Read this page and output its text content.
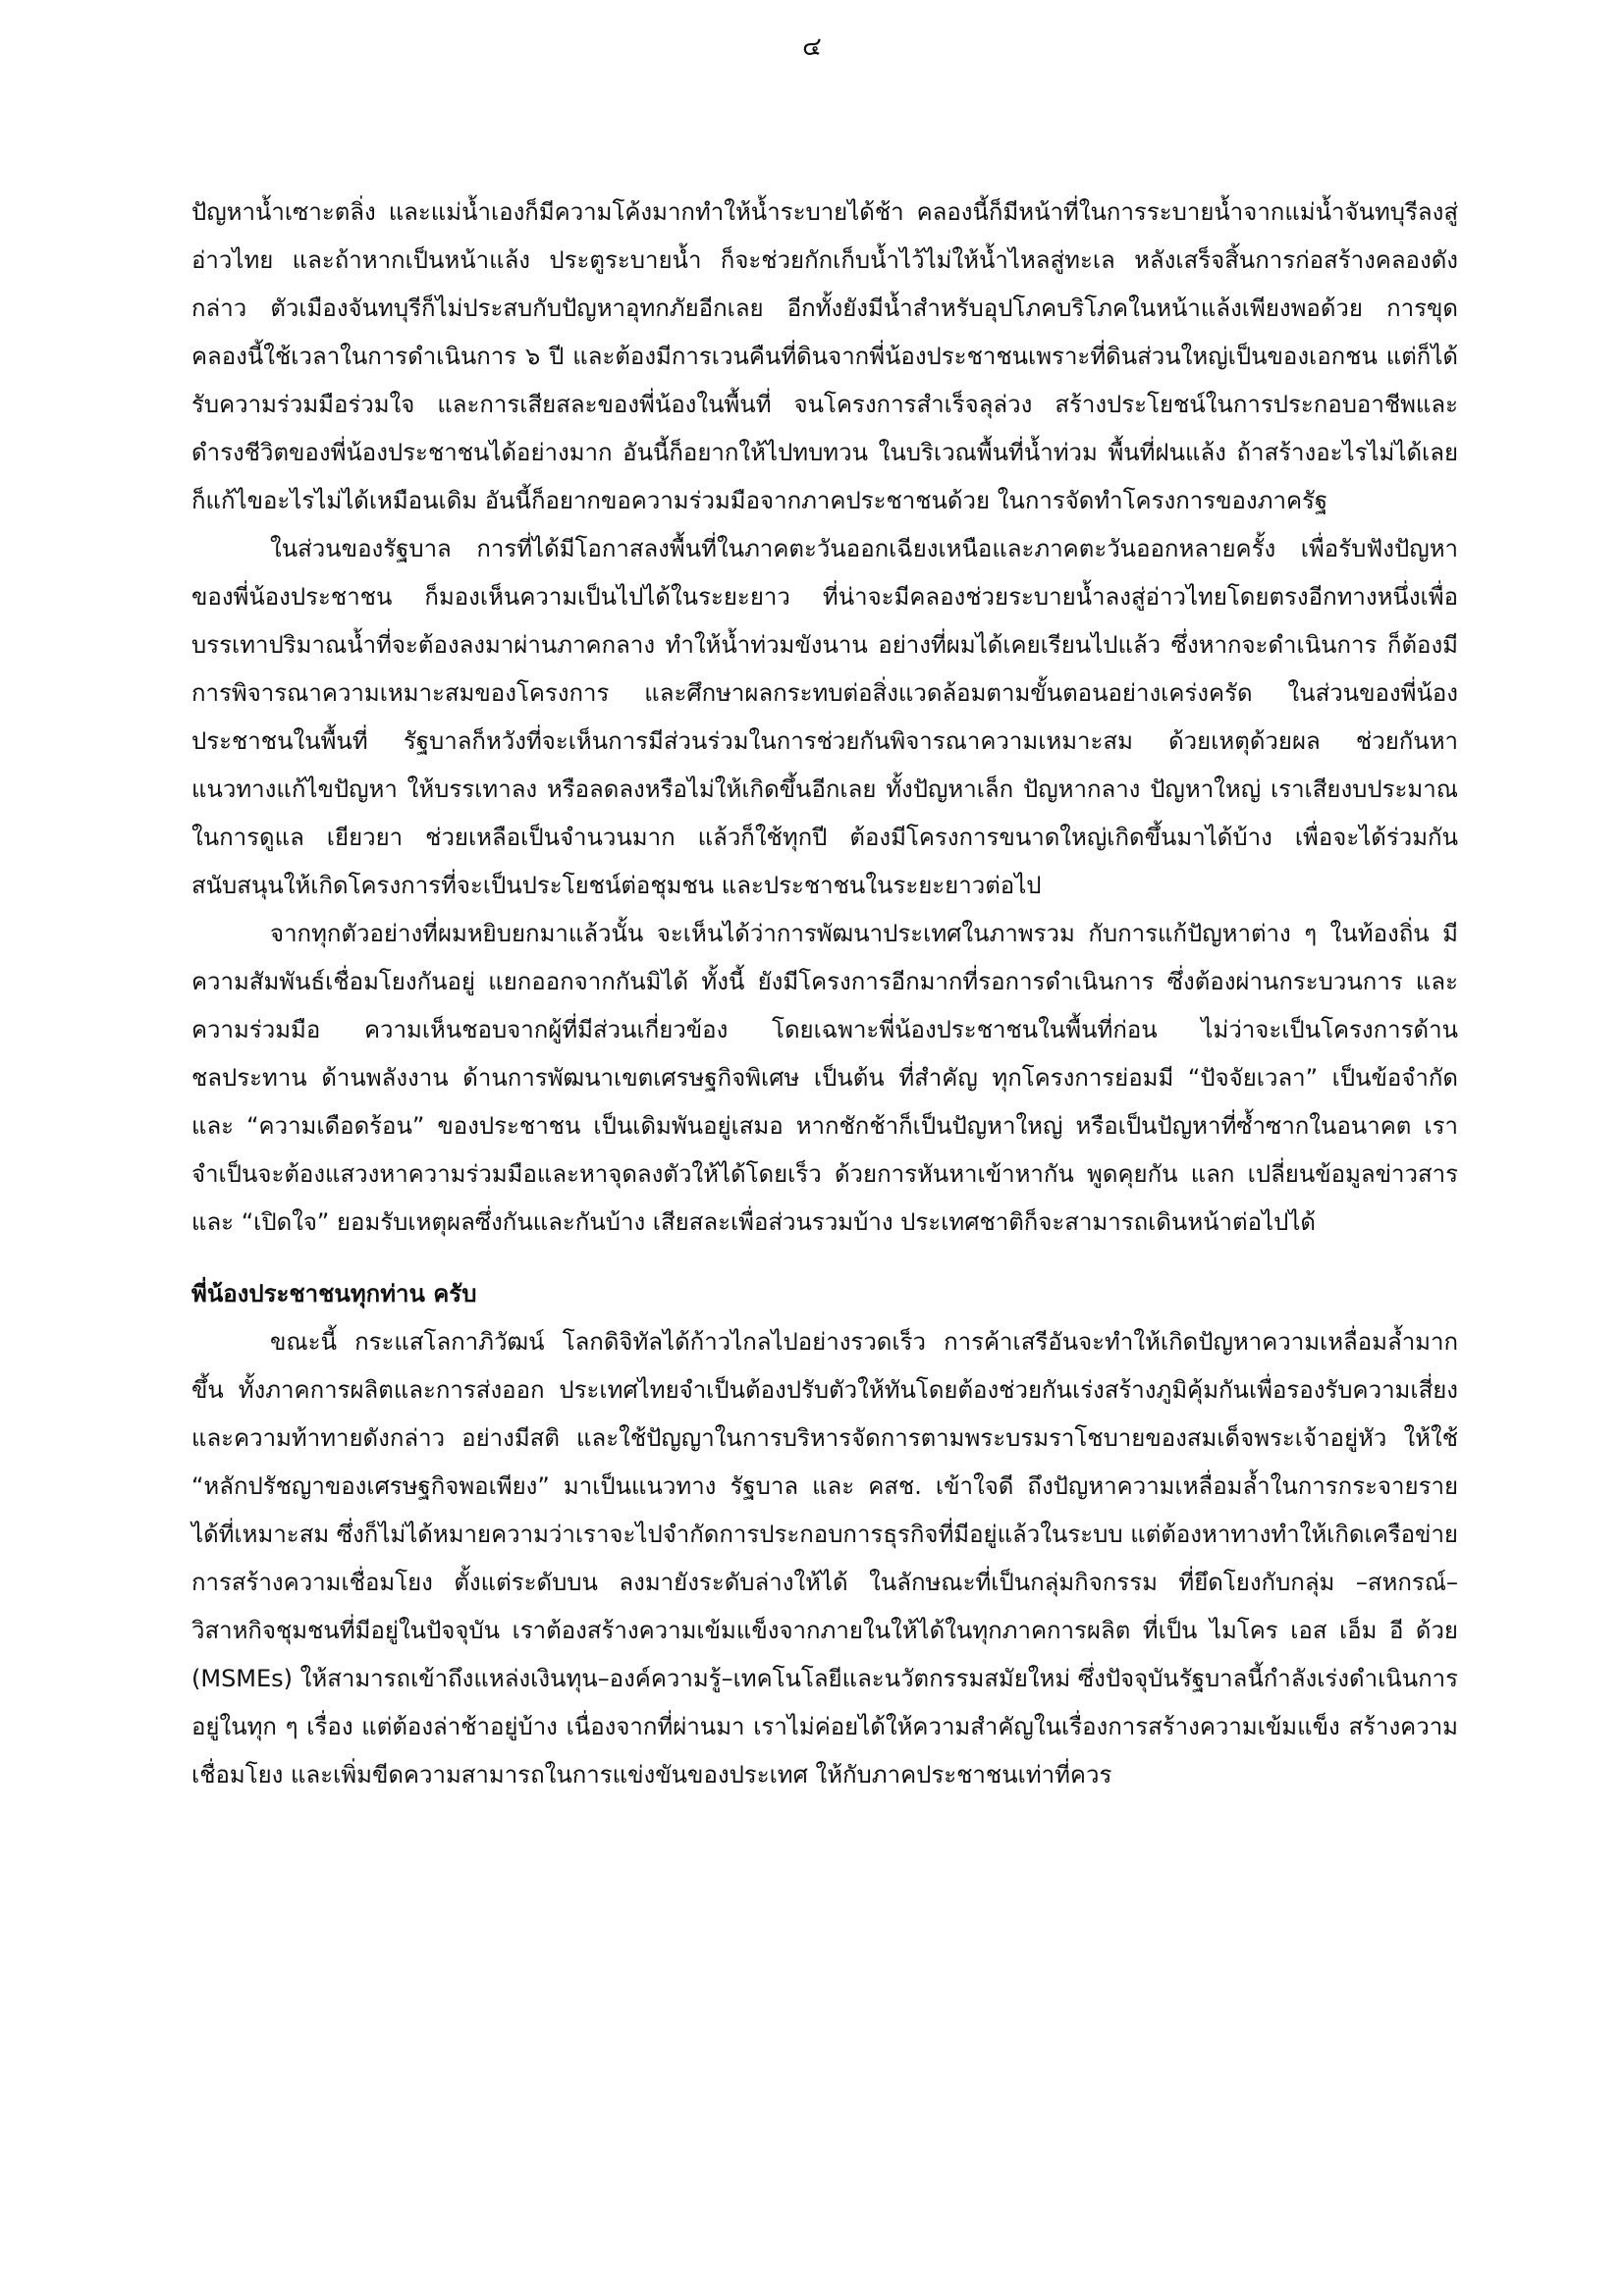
๔

ปัญหาน้ำเซาะตลิ่ง และแม่น้ำเองก็มีความโค้งมากทำให้น้ำระบายได้ช้า คลองนี้ก็มีหน้าที่ในการระบายน้ำจากแม่น้ำจันทบุรีลงสู่อ่าวไทย และถ้าหากเป็นหน้าแล้ง ประตูระบายน้ำ ก็จะช่วยกักเก็บน้ำไว้ไม่ให้น้ำไหลสู่ทะเล หลังเสร็จสิ้นการก่อสร้างคลองดังกล่าว ตัวเมืองจันทบุรีก็ไม่ประสบกับปัญหาอุทกภัยอีกเลย อีกทั้งยังมีน้ำสำหรับอุปโภคบริโภคในหน้าแล้งเพียงพอด้วย การขุดคลองนี้ใช้เวลาในการดำเนินการ ๖ ปี และต้องมีการเวนคืนที่ดินจากพี่น้องประชาชนเพราะที่ดินส่วนใหญ่เป็นของเอกชน แต่ก็ได้รับความร่วมมือร่วมใจ และการเสียสละของพี่น้องในพื้นที่ จนโครงการสำเร็จลุล่วง สร้างประโยชน์ในการประกอบอาชีพและดำรงชีวิตของพี่น้องประชาชนได้อย่างมาก อันนี้ก็อยากให้ไปทบทวน ในบริเวณพื้นที่น้ำท่วม พื้นที่ฝนแล้ง ถ้าสร้างอะไรไม่ได้เลย ก็แก้ไขอะไรไม่ได้เหมือนเดิม อันนี้ก็อยากขอความร่วมมือจากภาคประชาชนด้วย ในการจัดทำโครงการของภาครัฐ

ในส่วนของรัฐบาล การที่ได้มีโอกาสลงพื้นที่ในภาคตะวันออกเฉียงเหนือและภาคตะวันออกหลายครั้ง เพื่อรับฟังปัญหาของพี่น้องประชาชน ก็มองเห็นความเป็นไปได้ในระยะยาว ที่น่าจะมีคลองช่วยระบายน้ำลงสู่อ่าวไทยโดยตรงอีกทางหนึ่งเพื่อบรรเทาปริมาณน้ำที่จะต้องลงมาผ่านภาคกลาง ทำให้น้ำท่วมขังนาน อย่างที่ผมได้เคยเรียนไปแล้ว ซึ่งหากจะดำเนินการ ก็ต้องมีการพิจารณาความเหมาะสมของโครงการ และศึกษาผลกระทบต่อสิ่งแวดล้อมตามขั้นตอนอย่างเคร่งครัด ในส่วนของพี่น้องประชาชนในพื้นที่ รัฐบาลก็หวังที่จะเห็นการมีส่วนร่วมในการช่วยกันพิจารณาความเหมาะสม ด้วยเหตุด้วยผล ช่วยกันหาแนวทางแก้ไขปัญหา ให้บรรเทาลง หรือลดลงหรือไม่ให้เกิดขึ้นอีกเลย ทั้งปัญหาเล็ก ปัญหากลาง ปัญหาใหญ่ เราเสียงบประมาณในการดูแล เยียวยา ช่วยเหลือเป็นจำนวนมาก แล้วก็ใช้ทุกปี ต้องมีโครงการขนาดใหญ่เกิดขึ้นมาได้บ้าง เพื่อจะได้ร่วมกันสนับสนุนให้เกิดโครงการที่จะเป็นประโยชน์ต่อชุมชน และประชาชนในระยะยาวต่อไป

จากทุกตัวอย่างที่ผมหยิบยกมาแล้วนั้น จะเห็นได้ว่าการพัฒนาประเทศในภาพรวม กับการแก้ปัญหาต่าง ๆ ในท้องถิ่น มีความสัมพันธ์เชื่อมโยงกันอยู่ แยกออกจากกันมิได้ ทั้งนี้ ยังมีโครงการอีกมากที่รอการดำเนินการ ซึ่งต้องผ่านกระบวนการ และความร่วมมือ ความเห็นชอบจากผู้ที่มีส่วนเกี่ยวข้อง โดยเฉพาะพี่น้องประชาชนในพื้นที่ก่อน ไม่ว่าจะเป็นโครงการด้านชลประทาน ด้านพลังงาน ด้านการพัฒนาเขตเศรษฐกิจพิเศษ เป็นต้น ที่สำคัญ ทุกโครงการย่อมมี “ปัจจัยเวลา” เป็นข้อจำกัด และ “ความเดือดร้อน” ของประชาชน เป็นเดิมพันอยู่เสมอ หากชักช้าก็เป็นปัญหาใหญ่ หรือเป็นปัญหาที่ซ้ำซากในอนาคต เราจำเป็นจะต้องแสวงหาความร่วมมือและหาจุดลงตัวให้ได้โดยเร็ว ด้วยการหันหาเข้าหากัน พูดคุยกัน แลก เปลี่ยนข้อมูลข่าวสาร และ “เปิดใจ” ยอมรับเหตุผลซึ่งกันและกันบ้าง เสียสละเพื่อส่วนรวมบ้าง ประเทศชาติก็จะสามารถเดินหน้าต่อไปได้

พี่น้องประชาชนทุกท่าน ครับ

ขณะนี้ กระแสโลกาภิวัฒน์ โลกดิจิทัลได้ก้าวไกลไปอย่างรวดเร็ว การค้าเสรีอันจะทำให้เกิดปัญหาความเหลื่อมล้ำมากขึ้น ทั้งภาคการผลิตและการส่งออก ประเทศไทยจำเป็นต้องปรับตัวให้ทันโดยต้องช่วยกันเร่งสร้างภูมิคุ้มกันเพื่อรองรับความเสี่ยงและความท้าทายดังกล่าว อย่างมีสติ และใช้ปัญญาในการบริหารจัดการตามพระบรมราโชบายของสมเด็จพระเจ้าอยู่หัว ให้ใช้ “หลักปรัชญาของเศรษฐกิจพอเพียง” มาเป็นแนวทาง รัฐบาล และ คสช. เข้าใจดี ถึงปัญหาความเหลื่อมล้ำในการกระจายรายได้ที่เหมาะสม ซึ่งก็ไม่ได้หมายความว่าเราจะไปจำกัดการประกอบการธุรกิจที่มีอยู่แล้วในระบบ แต่ต้องหาทางทำให้เกิดเครือข่าย การสร้างความเชื่อมโยง ตั้งแต่ระดับบน ลงมายังระดับล่างให้ได้ ในลักษณะที่เป็นกลุ่มกิจกรรม ที่ยึดโยงกับกลุ่ม –สหกรณ์–วิสาหกิจชุมชนที่มีอยู่ในปัจจุบัน เราต้องสร้างความเข้มแข็งจากภายในให้ได้ในทุกภาคการผลิต ที่เป็น ไมโคร เอส เอ็ม อี ด้วย (MSMEs) ให้สามารถเข้าถึงแหล่งเงินทุน–องค์ความรู้–เทคโนโลยีและนวัตกรรมสมัยใหม่ ซึ่งปัจจุบันรัฐบาลนี้กำลังเร่งดำเนินการอยู่ในทุก ๆ เรื่อง แต่ต้องล่าช้าอยู่บ้าง เนื่องจากที่ผ่านมา เราไม่ค่อยได้ให้ความสำคัญในเรื่องการสร้างความเข้มแข็ง สร้างความเชื่อมโยง และเพิ่มขีดความสามารถในการแข่งขันของประเทศ ให้กับภาคประชาชนเท่าที่ควร
